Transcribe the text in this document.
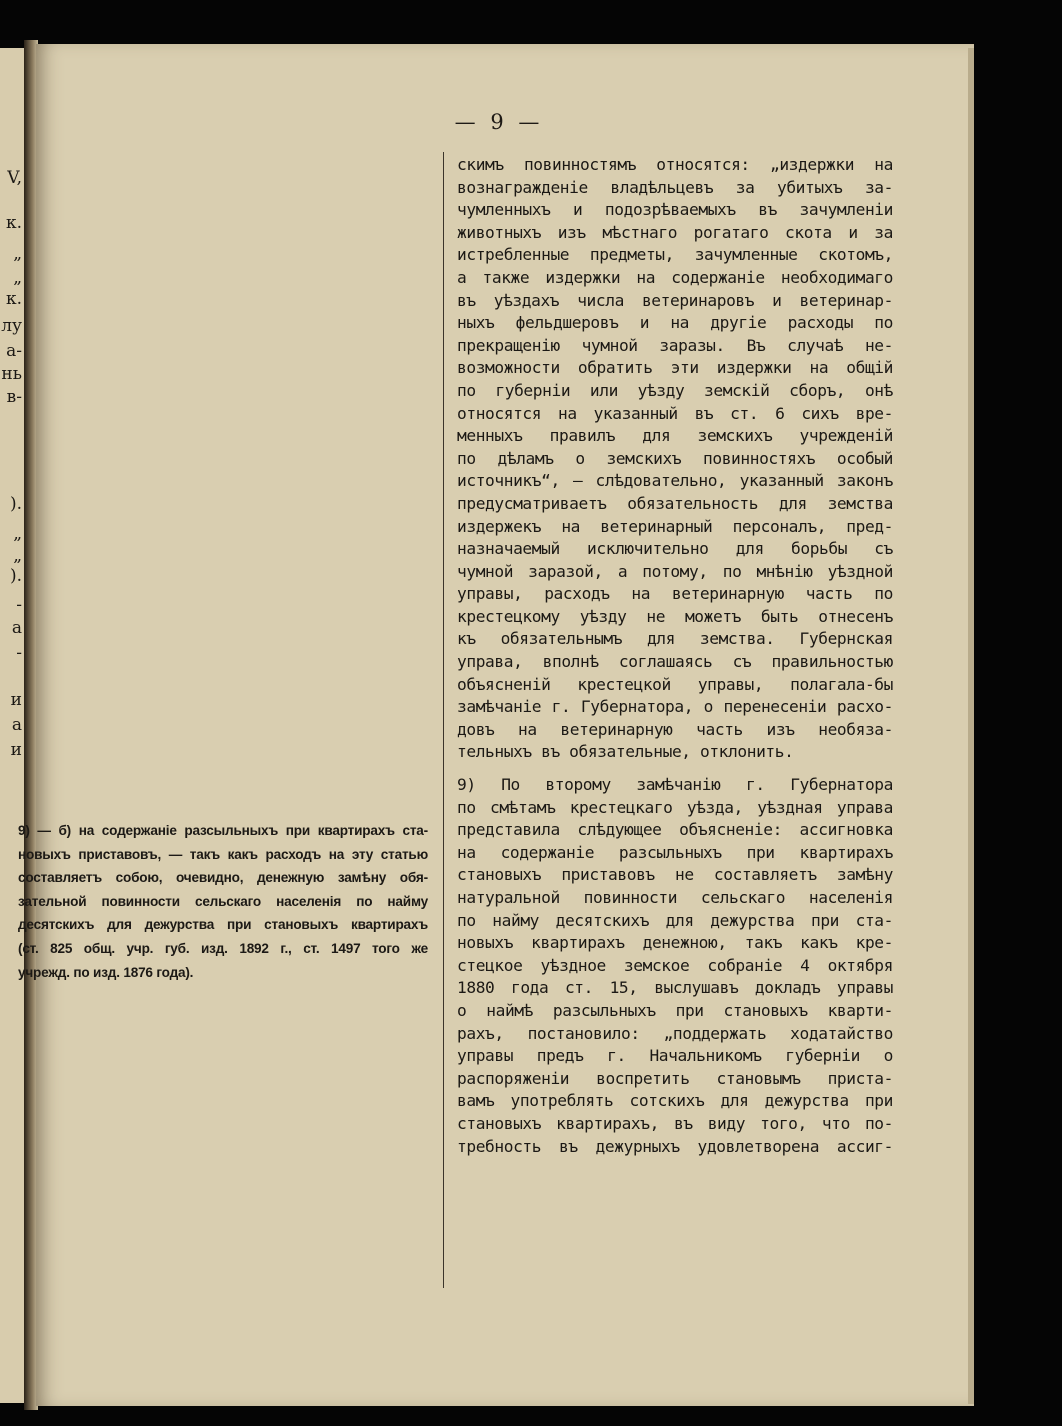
V,
к.
„
„
к.
лу
а-
нь
в-
).
„
„
).
-
а
-
и
а
и
— 9 —
скимъ повинностямъ относятся: „издержки на
вознагражденіе владѣльцевъ за убитыхъ за-
чумленныхъ и подозрѣваемыхъ въ зачумленіи
животныхъ изъ мѣстнаго рогатаго скота и за
истребленные предметы, зачумленные скотомъ,
а также издержки на содержаніе необходимаго
въ уѣздахъ числа ветеринаровъ и ветеринар-
ныхъ фельдшеровъ и на другіе расходы по
прекращенію чумной заразы. Въ случаѣ не-
возможности обратить эти издержки на общій
по губерніи или уѣзду земскій сборъ, онѣ
относятся на указанный въ ст. 6 сихъ вре-
менныхъ правилъ для земскихъ учрежденій
по дѣламъ о земскихъ повинностяхъ особый
источникъ“, — слѣдовательно, указанный законъ
предусматриваетъ обязательность для земства
издержекъ на ветеринарный персоналъ, пред-
назначаемый исключительно для борьбы съ
чумной заразой, а потому, по мнѣнію уѣздной
управы, расходъ на ветеринарную часть по
крестецкому уѣзду не можетъ быть отнесенъ
къ обязательнымъ для земства. Губернская
управа, вполнѣ соглашаясь съ правильностью
объясненій крестецкой управы, полагала-бы
замѣчаніе г. Губернатора, о перенесеніи расхо-
довъ на ветеринарную часть изъ необяза-
тельныхъ въ обязательные, отклонить.
9) По второму замѣчанію г. Губернатора
по смѣтамъ крестецкаго уѣзда, уѣздная управа
представила слѣдующее объясненіе: ассигновка
на содержаніе разсыльныхъ при квартирахъ
становыхъ приставовъ не составляетъ замѣну
натуральной повинности сельскаго населенія
по найму десятскихъ для дежурства при ста-
новыхъ квартирахъ денежною, такъ какъ кре-
стецкое уѣздное земское собраніе 4 октября
1880 года ст. 15, выслушавъ докладъ управы
о наймѣ разсыльныхъ при становыхъ кварти-
рахъ, постановило: „поддержать ходатайство
управы предъ г. Начальникомъ губерніи о
распоряженіи воспретить становымъ приста-
вамъ употреблять сотскихъ для дежурства при
становыхъ квартирахъ, въ виду того, что по-
требность въ дежурныхъ удовлетворена ассиг-
9) — б) на содержаніе разсыльныхъ при квартирахъ ста-
новыхъ приставовъ, — такъ какъ расходъ на эту статью
составляетъ собою, очевидно, денежную замѣну обя-
зательной повинности сельскаго населенія по найму
десятскихъ для дежурства при становыхъ квартирахъ
(ст. 825 общ. учр. губ. изд. 1892 г., ст. 1497 того же
учрежд. по изд. 1876 года).
